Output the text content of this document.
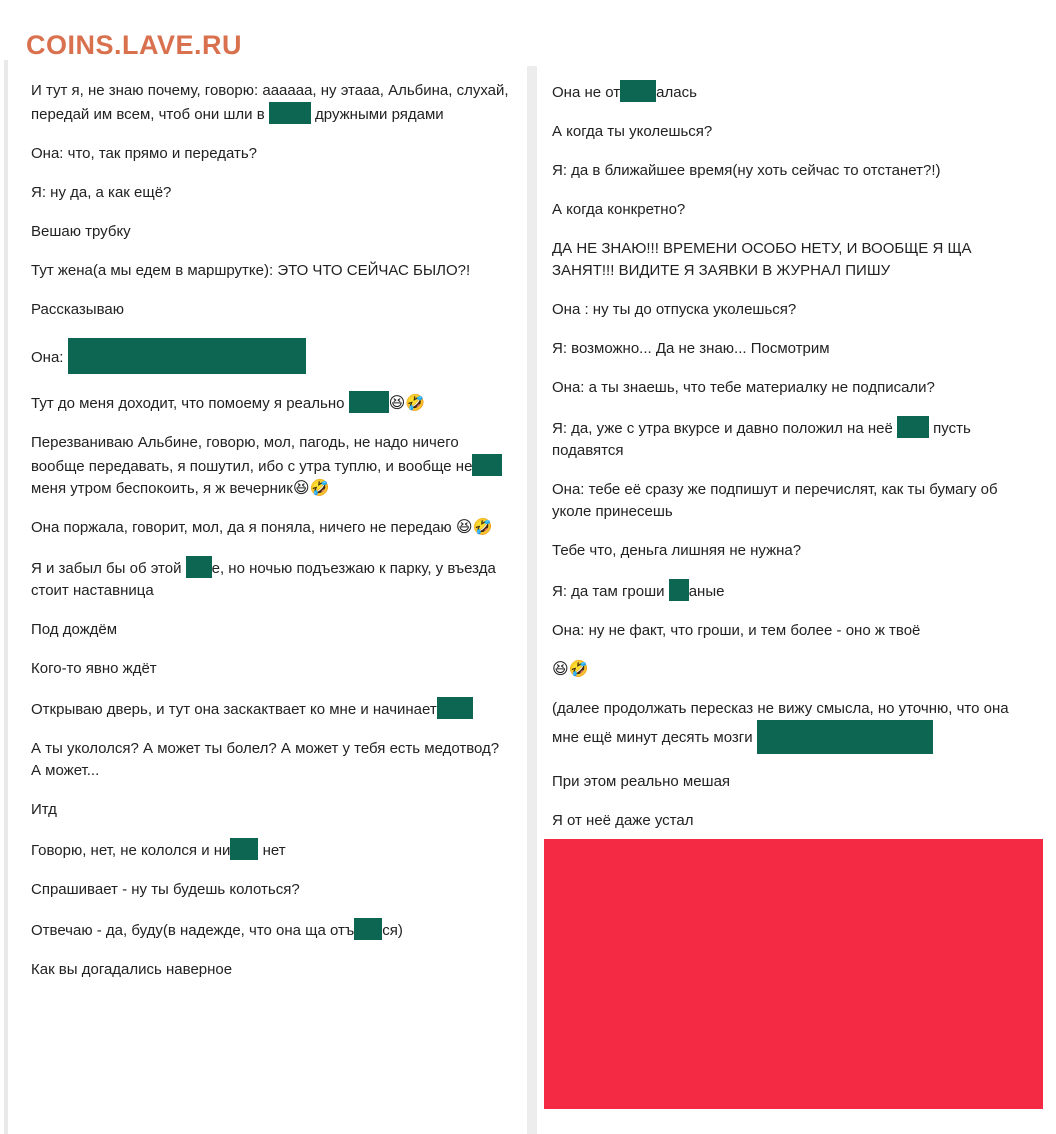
COINS.LAVE.RU

И тут я, не знаю почему, говорю: аааааа, ну этааа, Альбина, слухай, передай им всем, чтоб они шли в	дружными рядами

Она: что, так прямо и передать?

Я: ну да, а как ещё?

Вешаю трубку

Тут жена(а мы едем в маршрутке): ЭТО ЧТО СЕЙЧАС БЫЛО?!

Рассказываю

Она:

Тут до меня доходит, что помоему я реально	😆🤣

Перезваниваю Альбине, говорю, мол, пагодь, не надо ничего вообще передавать, я пошутил, ибо с утра туплю, и вообще неменя утром беспокоить, я ж вечерник😆🤣

Она поржала, говорит, мол, да я поняла, ничего не передаю 😆🤣

Я и забыл бы об этой е, но ночью подъезжаю к парку, у въезда стоит наставница

Под дождём

Кого-то явно ждёт

Открываю дверь, и тут она заскактвает ко мне и начинает

А ты укололся? А может ты болел? А может у тебя есть медотвод? А может...

Итд

Говорю, нет, не кололся и ни нет

Спрашивает - ну ты будешь колоться?

Отвечаю - да, буду(в надежде, что она ща отъ ся)

Как вы догадались наверное

Она не от алась

А когда ты уколешься?

Я: да в ближайшее время(ну хоть сейчас то отстанет?!)

А когда конкретно?

ДА НЕ ЗНАЮ!!! ВРЕМЕНИ ОСОБО НЕТУ, И ВООБЩЕ Я ЩА ЗАНЯТ!!! ВИДИТЕ Я ЗАЯВКИ В ЖУРНАЛ ПИШУ

Она : ну ты до отпуска уколешься?

Я: возможно... Да не знаю... Посмотрим

Она: а ты знаешь, что тебе материалку не подписали?

Я: да, уже с утра вкурсе и давно положил на неё	пусть подавятся

Она: тебе её сразу же подпишут и перечислят, как ты бумагу об уколе принесешь

Тебе что, деньга лишняя не нужна?

Я: да там гроши аные

Она: ну не факт, что гроши, и тем более - оно ж твоё

😆🤣

(далее продолжать пересказ не вижу смысла, но уточню, что она мне ещё минут десять мозги

При этом реально мешая

Я от неё даже устал
